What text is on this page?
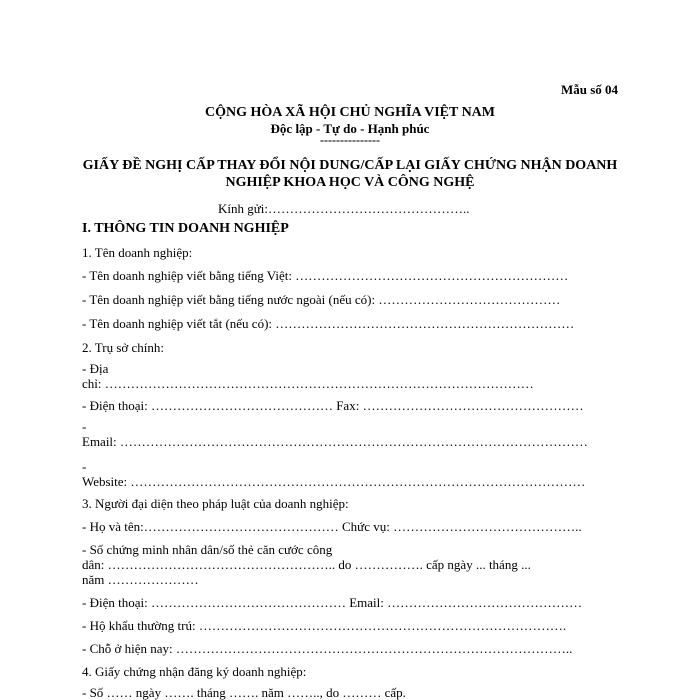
Mẫu số 04
CỘNG HÒA XÃ HỘI CHỦ NGHĨA VIỆT NAM
Độc lập - Tự do - Hạnh phúc
---------------
GIẤY ĐỀ NGHỊ CẤP THAY ĐỔI NỘI DUNG/CẤP LẠI GIẤY CHỨNG NHẬN DOANH
NGHIỆP KHOA HỌC VÀ CÔNG NGHỆ
Kính gửi:………………………………………..
I. THÔNG TIN DOANH NGHIỆP
1. Tên doanh nghiệp:
- Tên doanh nghiệp viết bằng tiếng Việt: ………………………………………………………
- Tên doanh nghiệp viết bằng tiếng nước ngoài (nếu có): ……………………………………
- Tên doanh nghiệp viết tắt (nếu có): ……………………………………………………………
2. Trụ sở chính:
- Địa
chỉ: ………………………………………………………………………………………
- Điện thoại: …………………………………… Fax: ……………………………………………
-
Email: ………………………………………………………………………………………………
-
Website: ……………………………………………………………………………………………
3. Người đại diện theo pháp luật của doanh nghiệp:
- Họ và tên:……………………………………… Chức vụ: ……………………………………..
- Số chứng minh nhân dân/số thẻ căn cước công
dân: …………………………………………….. do ……………. cấp ngày ... tháng ...
năm …………………
- Điện thoại: ……………………………………… Email: ………………………………………
- Hộ khẩu thường trú: ………………………………………………………………………….
- Chỗ ở hiện nay: ………………………………………………………………………………..
4. Giấy chứng nhận đăng ký doanh nghiệp:
- Số …… ngày ……. tháng ……. năm …….., do ……… cấp.
